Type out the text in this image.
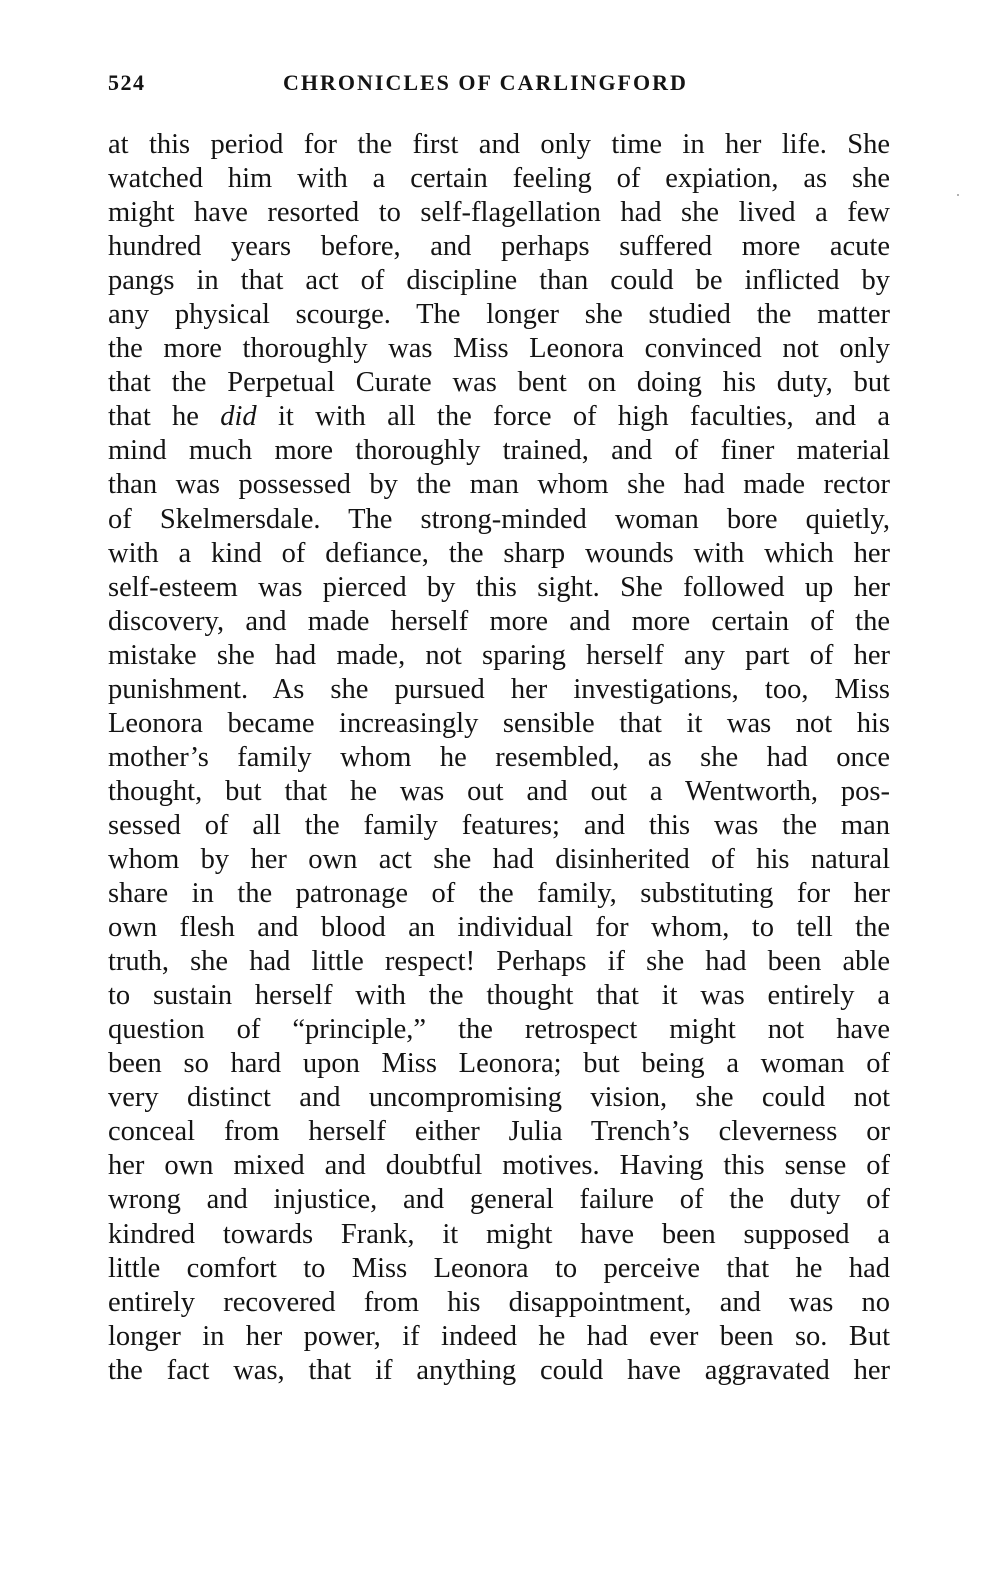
524	CHRONICLES OF CARLINGFORD
at this period for the first and only time in her life. She
watched him with a certain feeling of expiation, as she
might have resorted to self-flagellation had she lived a few
hundred years before, and perhaps suffered more acute
pangs in that act of discipline than could be inflicted by
any physical scourge. The longer she studied the matter
the more thoroughly was Miss Leonora convinced not only
that the Perpetual Curate was bent on doing his duty, but
that he did it with all the force of high faculties, and a
mind much more thoroughly trained, and of finer material
than was possessed by the man whom she had made rector
of Skelmersdale. The strong-minded woman bore quietly,
with a kind of defiance, the sharp wounds with which her
self-esteem was pierced by this sight. She followed up her
discovery, and made herself more and more certain of the
mistake she had made, not sparing herself any part of her
punishment. As she pursued her investigations, too, Miss
Leonora became increasingly sensible that it was not his
mother’s family whom he resembled, as she had once
thought, but that he was out and out a Wentworth, pos-
sessed of all the family features; and this was the man
whom by her own act she had disinherited of his natural
share in the patronage of the family, substituting for her
own flesh and blood an individual for whom, to tell the
truth, she had little respect! Perhaps if she had been able
to sustain herself with the thought that it was entirely a
question of “principle,” the retrospect might not have
been so hard upon Miss Leonora; but being a woman of
very distinct and uncompromising vision, she could not
conceal from herself either Julia Trench’s cleverness or
her own mixed and doubtful motives. Having this sense of
wrong and injustice, and general failure of the duty of
kindred towards Frank, it might have been supposed a
little comfort to Miss Leonora to perceive that he had
entirely recovered from his disappointment, and was no
longer in her power, if indeed he had ever been so. But
the fact was, that if anything could have aggravated her
